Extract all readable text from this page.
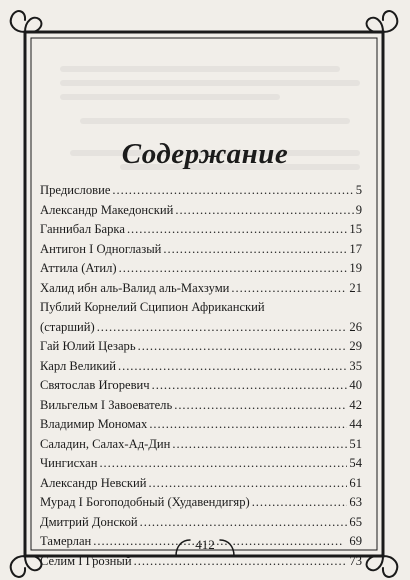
Содержание
Предисловие . . .	5
Александр Македонский . . .	9
Ганнибал Барка . . .	15
Антигон I Одноглазый . . .	17
Аттила (Атил) . . .	19
Халид ибн аль-Валид аль-Махзуми . . .	21
Публий Корнелий Сципион Африканский
(старший) . . .	26
Гай Юлий Цезарь . . .	29
Карл Великий . . .	35
Святослав Игоревич . . .	40
Вильгельм I Завоеватель . . .	42
Владимир Мономах . . .	44
Саладин, Салах-Ад-Дин . . .	51
Чингисхан . . .	54
Александр Невский . . .	61
Мурад I Богоподобный (Худавендигяр) . . .	63
Дмитрий Донской . . .	65
Тамерлан . . .	69
Селим I Грозный . . .	73
412
